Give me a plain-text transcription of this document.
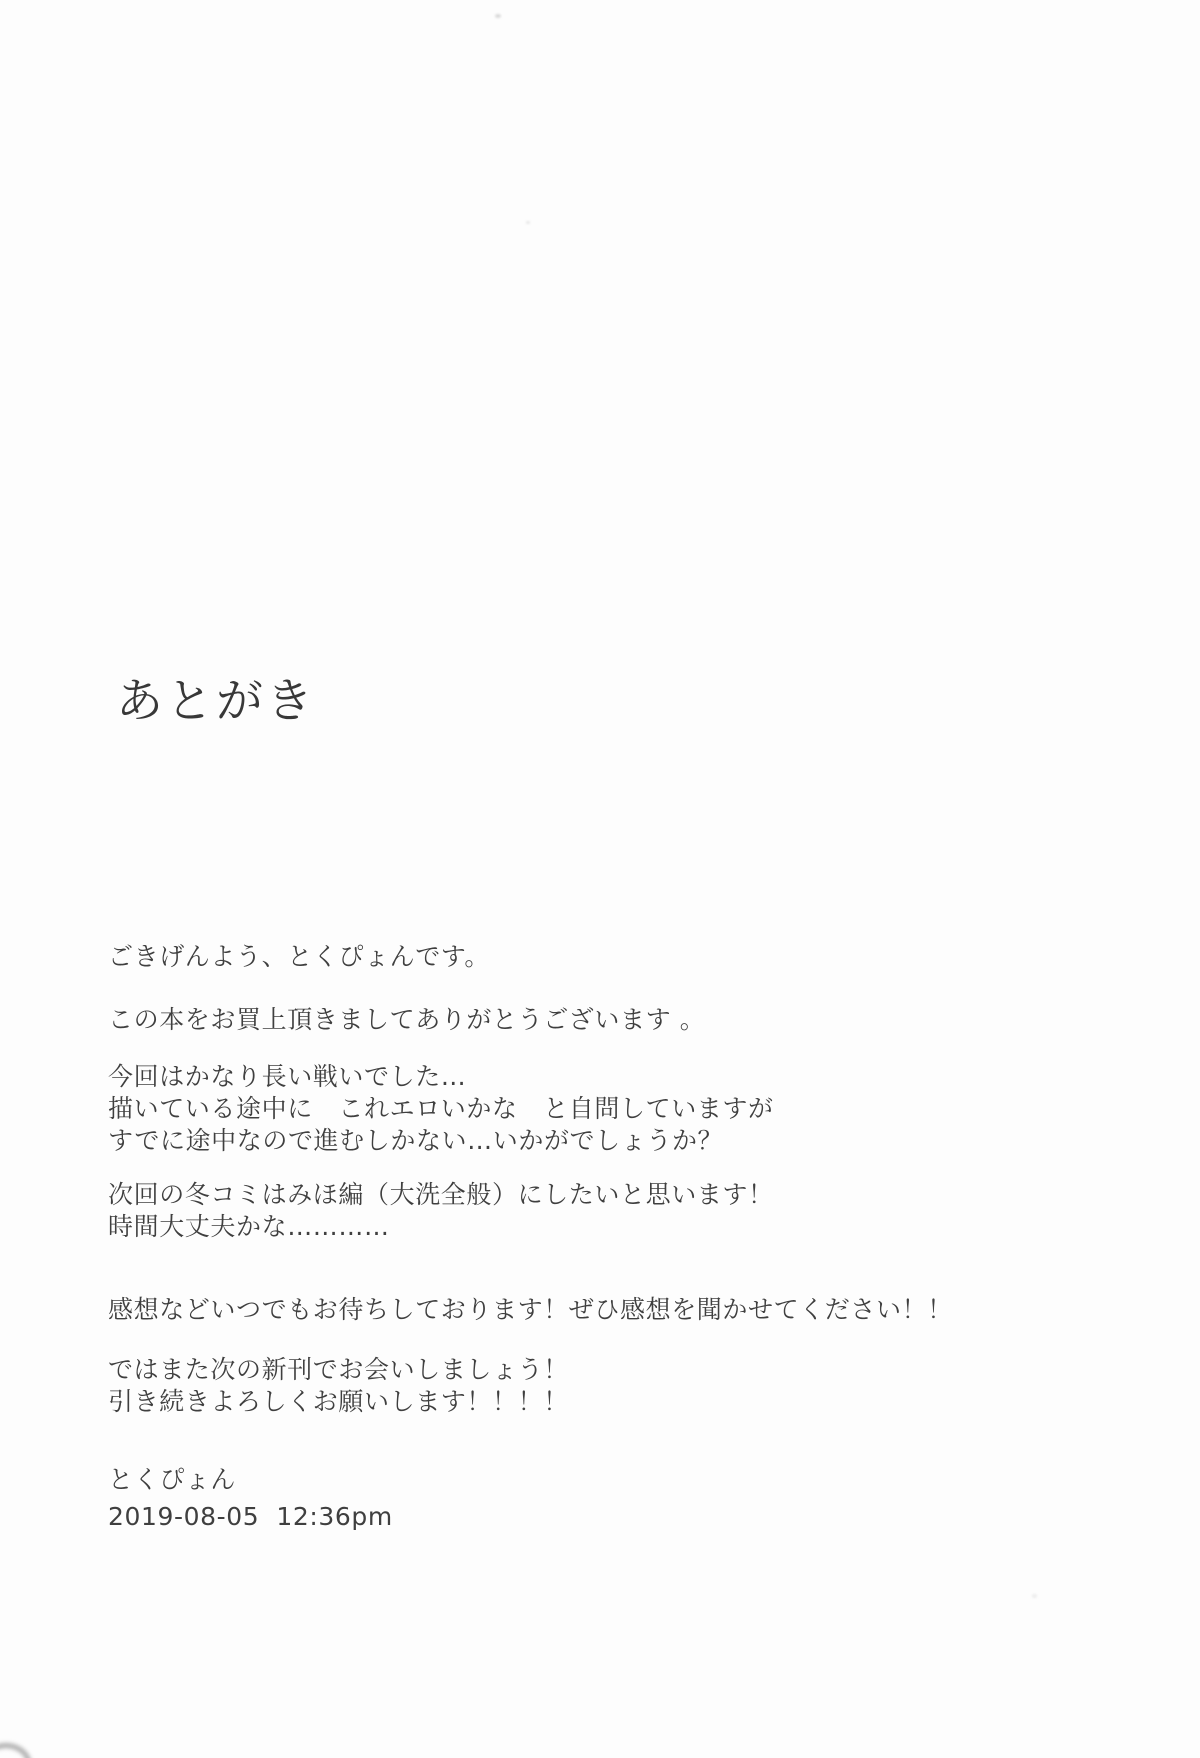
あとがき
ごきげんよう、とくぴょんです。
この本をお買上頂きましてありがとうございます 。
今回はかなり長い戦いでした…
描いている途中に　これエロいかな　と自問していますが
すでに途中なので進むしかない…いかがでしょうか？
次回の冬コミはみほ編（大洗全般）にしたいと思います！
時間大丈夫かな…………
感想などいつでもお待ちしております！ぜひ感想を聞かせてください！！
ではまた次の新刊でお会いしましょう！
引き続きよろしくお願いします！！！！
とくぴょん
2019-08-05  12:36pm
